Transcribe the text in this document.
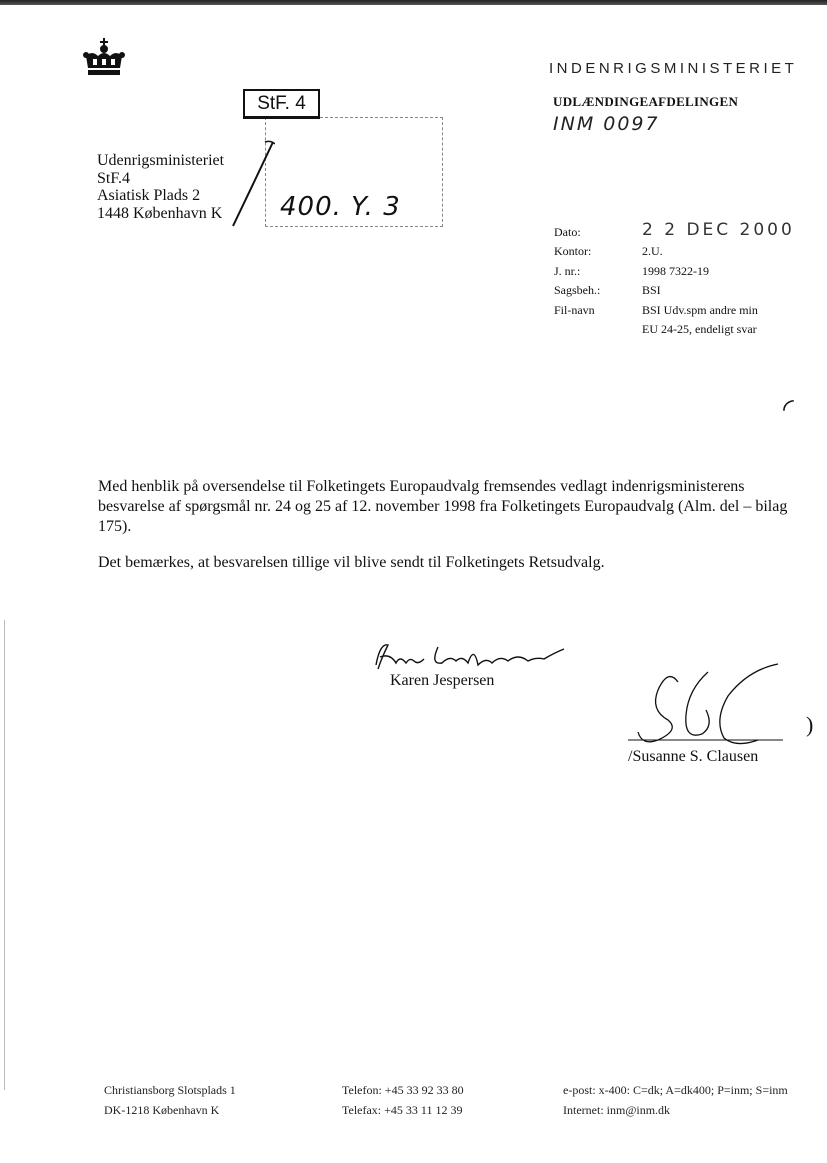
INDENRIGSMINISTERIET
UDLÆNDINGEAFDELINGEN
INM 0097
StF. 4
400. Y. 3
Udenrigsministeriet
StF.4
Asiatisk Plads 2
1448 København K
Dato:	2 2 DEC 2000
Kontor:	2.U.
J. nr.:	1998 7322-19
Sagsbeh.:	BSI
Fil-navn	BSI Udv.spm andre min
EU 24-25, endeligt svar
◜
)

Med henblik på oversendelse til Folketingets Europaudvalg fremsendes vedlagt indenrigsministerens besvarelse af spørgsmål nr. 24 og 25 af 12. november 1998 fra Folketingets Europaudvalg (Alm. del – bilag 175).

Det bemærkes, at besvarelsen tillige vil blive sendt til Folketingets Retsudvalg.

Karen Jespersen
/Susanne S. Clausen
Christiansborg Slotsplads 1
DK-1218 København K
Telefon: +45 33 92 33 80
Telefax: +45 33 11 12 39
e-post: x-400: C=dk; A=dk400; P=inm; S=inm
Internet: inm@inm.dk
